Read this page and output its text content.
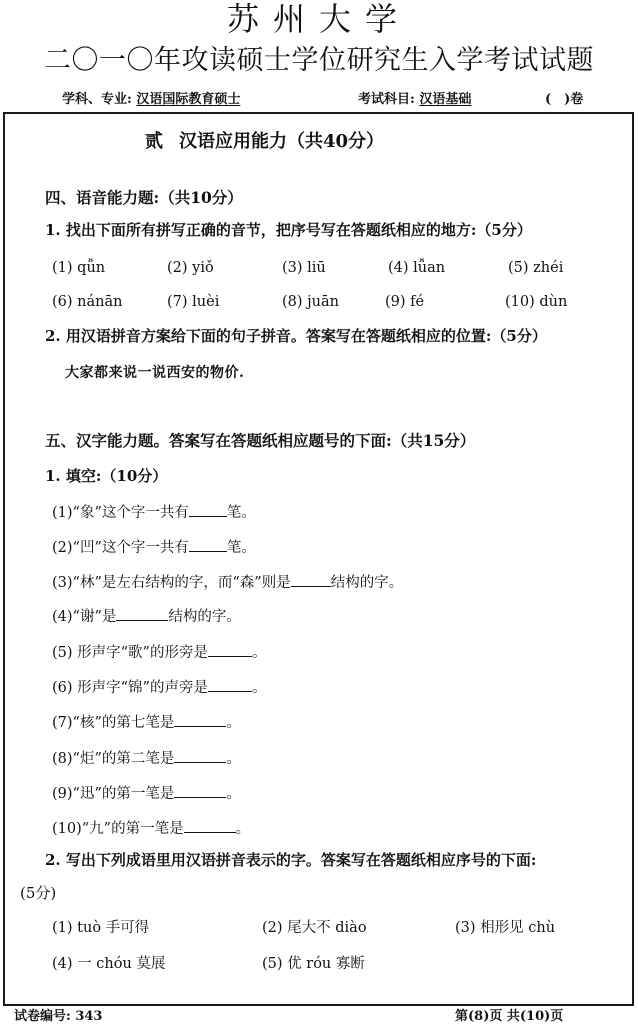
苏州大学
二〇一〇年攻读硕士学位研究生入学考试试题
学科、专业: 汉语国际教育硕士	考试科目: 汉语基础	(　)卷
贰 汉语应用能力（共40分）
四、语音能力题:（共10分）
1. 找出下面所有拼写正确的音节，把序号写在答题纸相应的地方:（5分）
(1) qǚn	(2) yiǒ	(3) liū	(4) lǚan	(5) zhéi
(6) nánān	(7) luèi	(8) juān	(9) fé	(10) dùn
2. 用汉语拼音方案给下面的句子拼音。答案写在答题纸相应的位置:（5分）
大家都来说一说西安的物价.
五、汉字能力题。答案写在答题纸相应题号的下面:（共15分）
1. 填空:（10分）
(1)“象”这个字一共有	笔。
(2)“凹”这个字一共有	笔。
(3)“林”是左右结构的字，而“森”则是	结构的字。
(4)“谢”是	结构的字。
(5) 形声字“歌”的形旁是	。
(6) 形声字“锦”的声旁是	。
(7)“核”的第七笔是	。
(8)“炬”的第二笔是	。
(9)“迅”的第一笔是	。
(10)“九”的第一笔是	。
2. 写出下列成语里用汉语拼音表示的字。答案写在答题纸相应序号的下面:
(5分)
(1) tuò 手可得	(2) 尾大不 diào	(3) 相形见 chù
(4) 一 chóu 莫展	(5) 优 róu 寡断
试卷编号: 343	第(8)页 共(10)页
